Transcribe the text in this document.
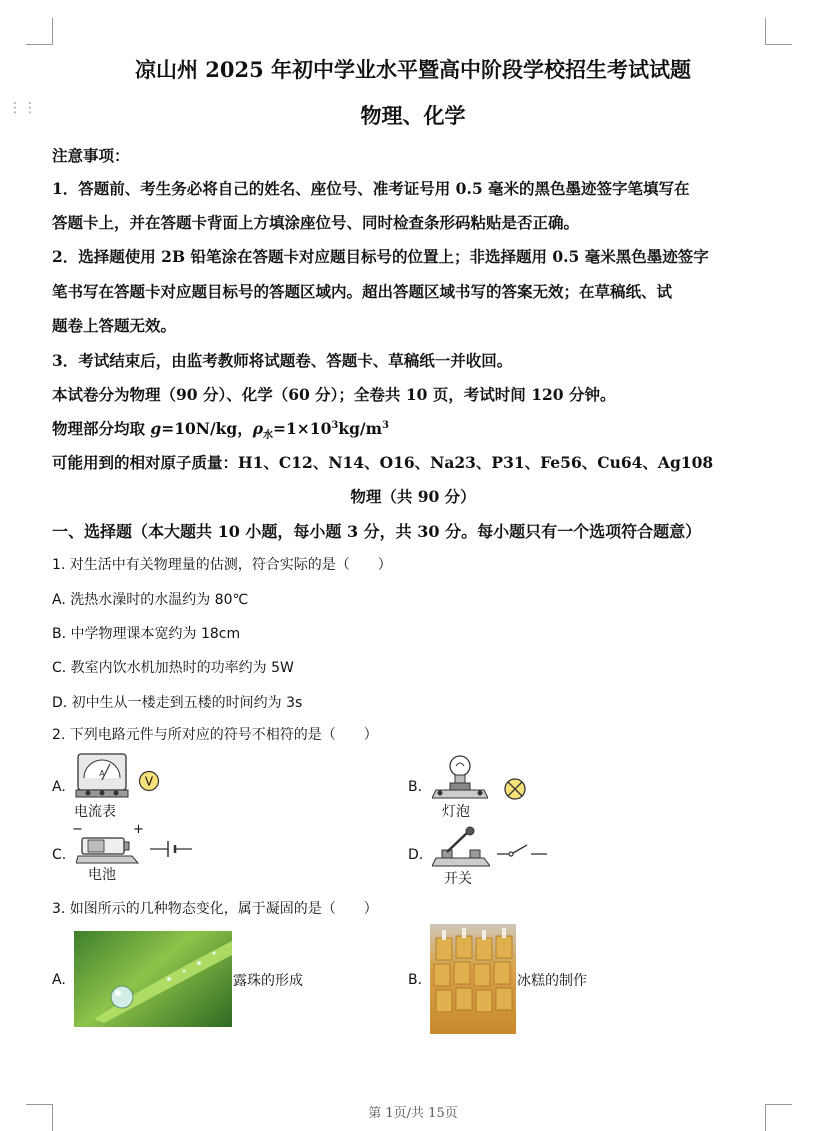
⋮⋮
凉山州 2025 年初中学业水平暨高中阶段学校招生考试试题
物理、化学
注意事项：
1．答题前、考生务必将自己的姓名、座位号、准考证号用 0.5 毫米的黑色墨迹签字笔填写在
答题卡上，并在答题卡背面上方填涂座位号、同时检查条形码粘贴是否正确。
2．选择题使用 2B 铅笔涂在答题卡对应题目标号的位置上；非选择题用 0.5 毫米黑色墨迹签字
笔书写在答题卡对应题目标号的答题区域内。超出答题区域书写的答案无效；在草稿纸、试
题卷上答题无效。
3．考试结束后，由监考教师将试题卷、答题卡、草稿纸一并收回。
本试卷分为物理（90 分）、化学（60 分）；全卷共 10 页，考试时间 120 分钟。
物理部分均取 g=10N/kg，$\rho_水=1\times 10^3kg/m^3$
可能用到的相对原子质量：H1、C12、N14、O16、Na23、P31、Fe56、Cu64、Ag108
物理（共 90 分）
一、选择题（本大题共 10 小题，每小题 3 分，共 30 分。每小题只有一个选项符合题意）
1. 对生活中有关物理量的估测，符合实际的是（　　）
A. 洗热水澡时的水温约为 80℃
B. 中学物理课本宽约为 18cm
C. 教室内饮水机加热时的功率约为 5W
D. 初中生从一楼走到五楼的时间约为 3s
2. 下列电路元件与所对应的符号不相符的是（　　）
A.
A
电流表
V	B.
灯泡
C.
−	+
电池
D.
开关
3. 如图所示的几种物态变化，属于凝固的是（　　）
A.	露珠的形成	B.	冰糕的制作
第 1页/共 15页
